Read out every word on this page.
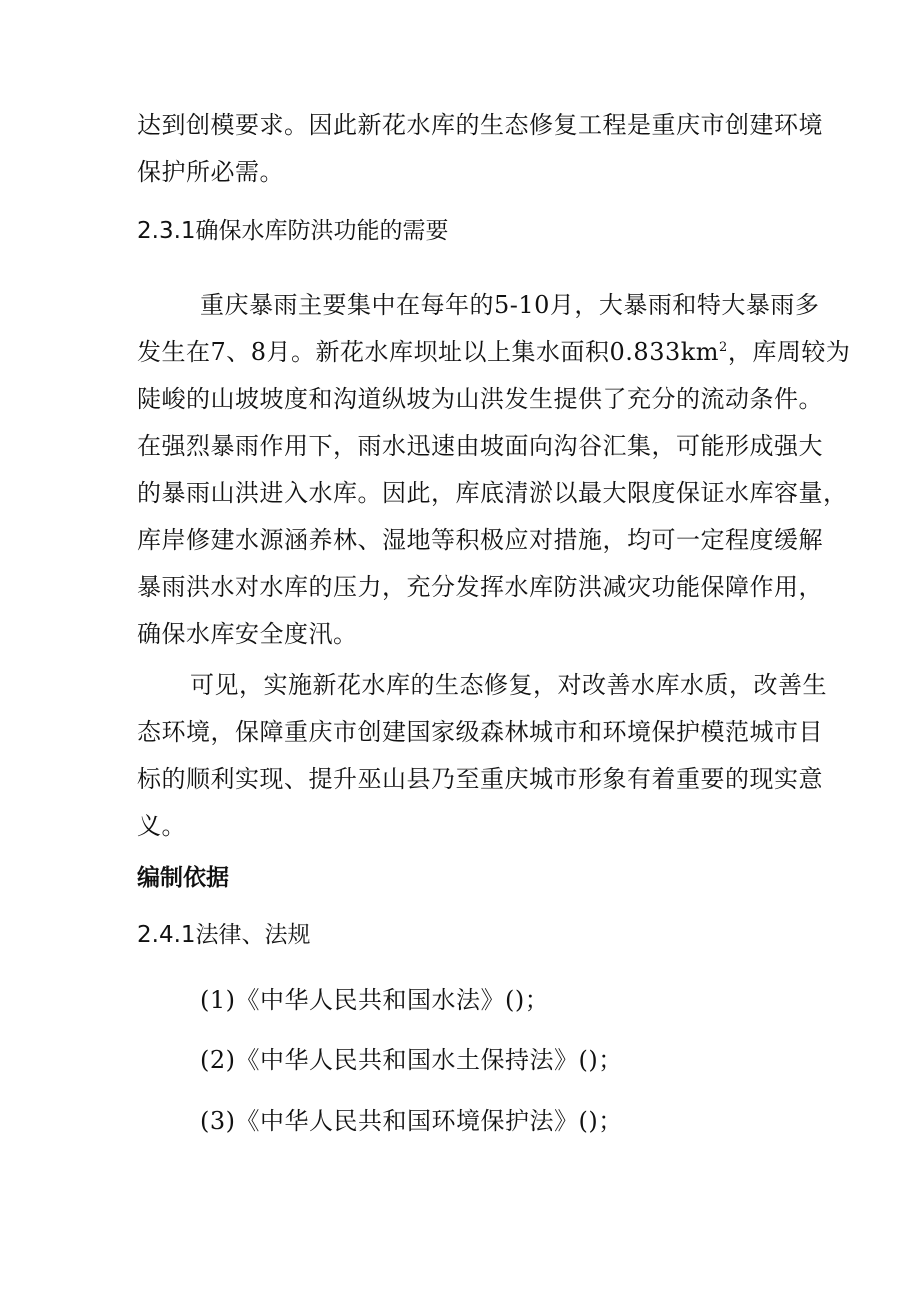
达到创模要求。因此新花水库的生态修复工程是重庆市创建环境
保护所必需。
2.3.1确保水库防洪功能的需要
重庆暴雨主要集中在每年的5-10月，大暴雨和特大暴雨多
发生在7、8月。新花水库坝址以上集水面积$0.833km^2$，库周较为
陡峻的山坡坡度和沟道纵坡为山洪发生提供了充分的流动条件。
在强烈暴雨作用下，雨水迅速由坡面向沟谷汇集，可能形成强大
的暴雨山洪进入水库。因此，库底清淤以最大限度保证水库容量，
库岸修建水源涵养林、湿地等积极应对措施，均可一定程度缓解
暴雨洪水对水库的压力，充分发挥水库防洪减灾功能保障作用，
确保水库安全度汛。
可见，实施新花水库的生态修复，对改善水库水质，改善生
态环境，保障重庆市创建国家级森林城市和环境保护模范城市目
标的顺利实现、提升巫山县乃至重庆城市形象有着重要的现实意
义。
编制依据
2.4.1法律、法规
(1)《中华人民共和国水法》()；
(2)《中华人民共和国水土保持法》()；
(3)《中华人民共和国环境保护法》()；
